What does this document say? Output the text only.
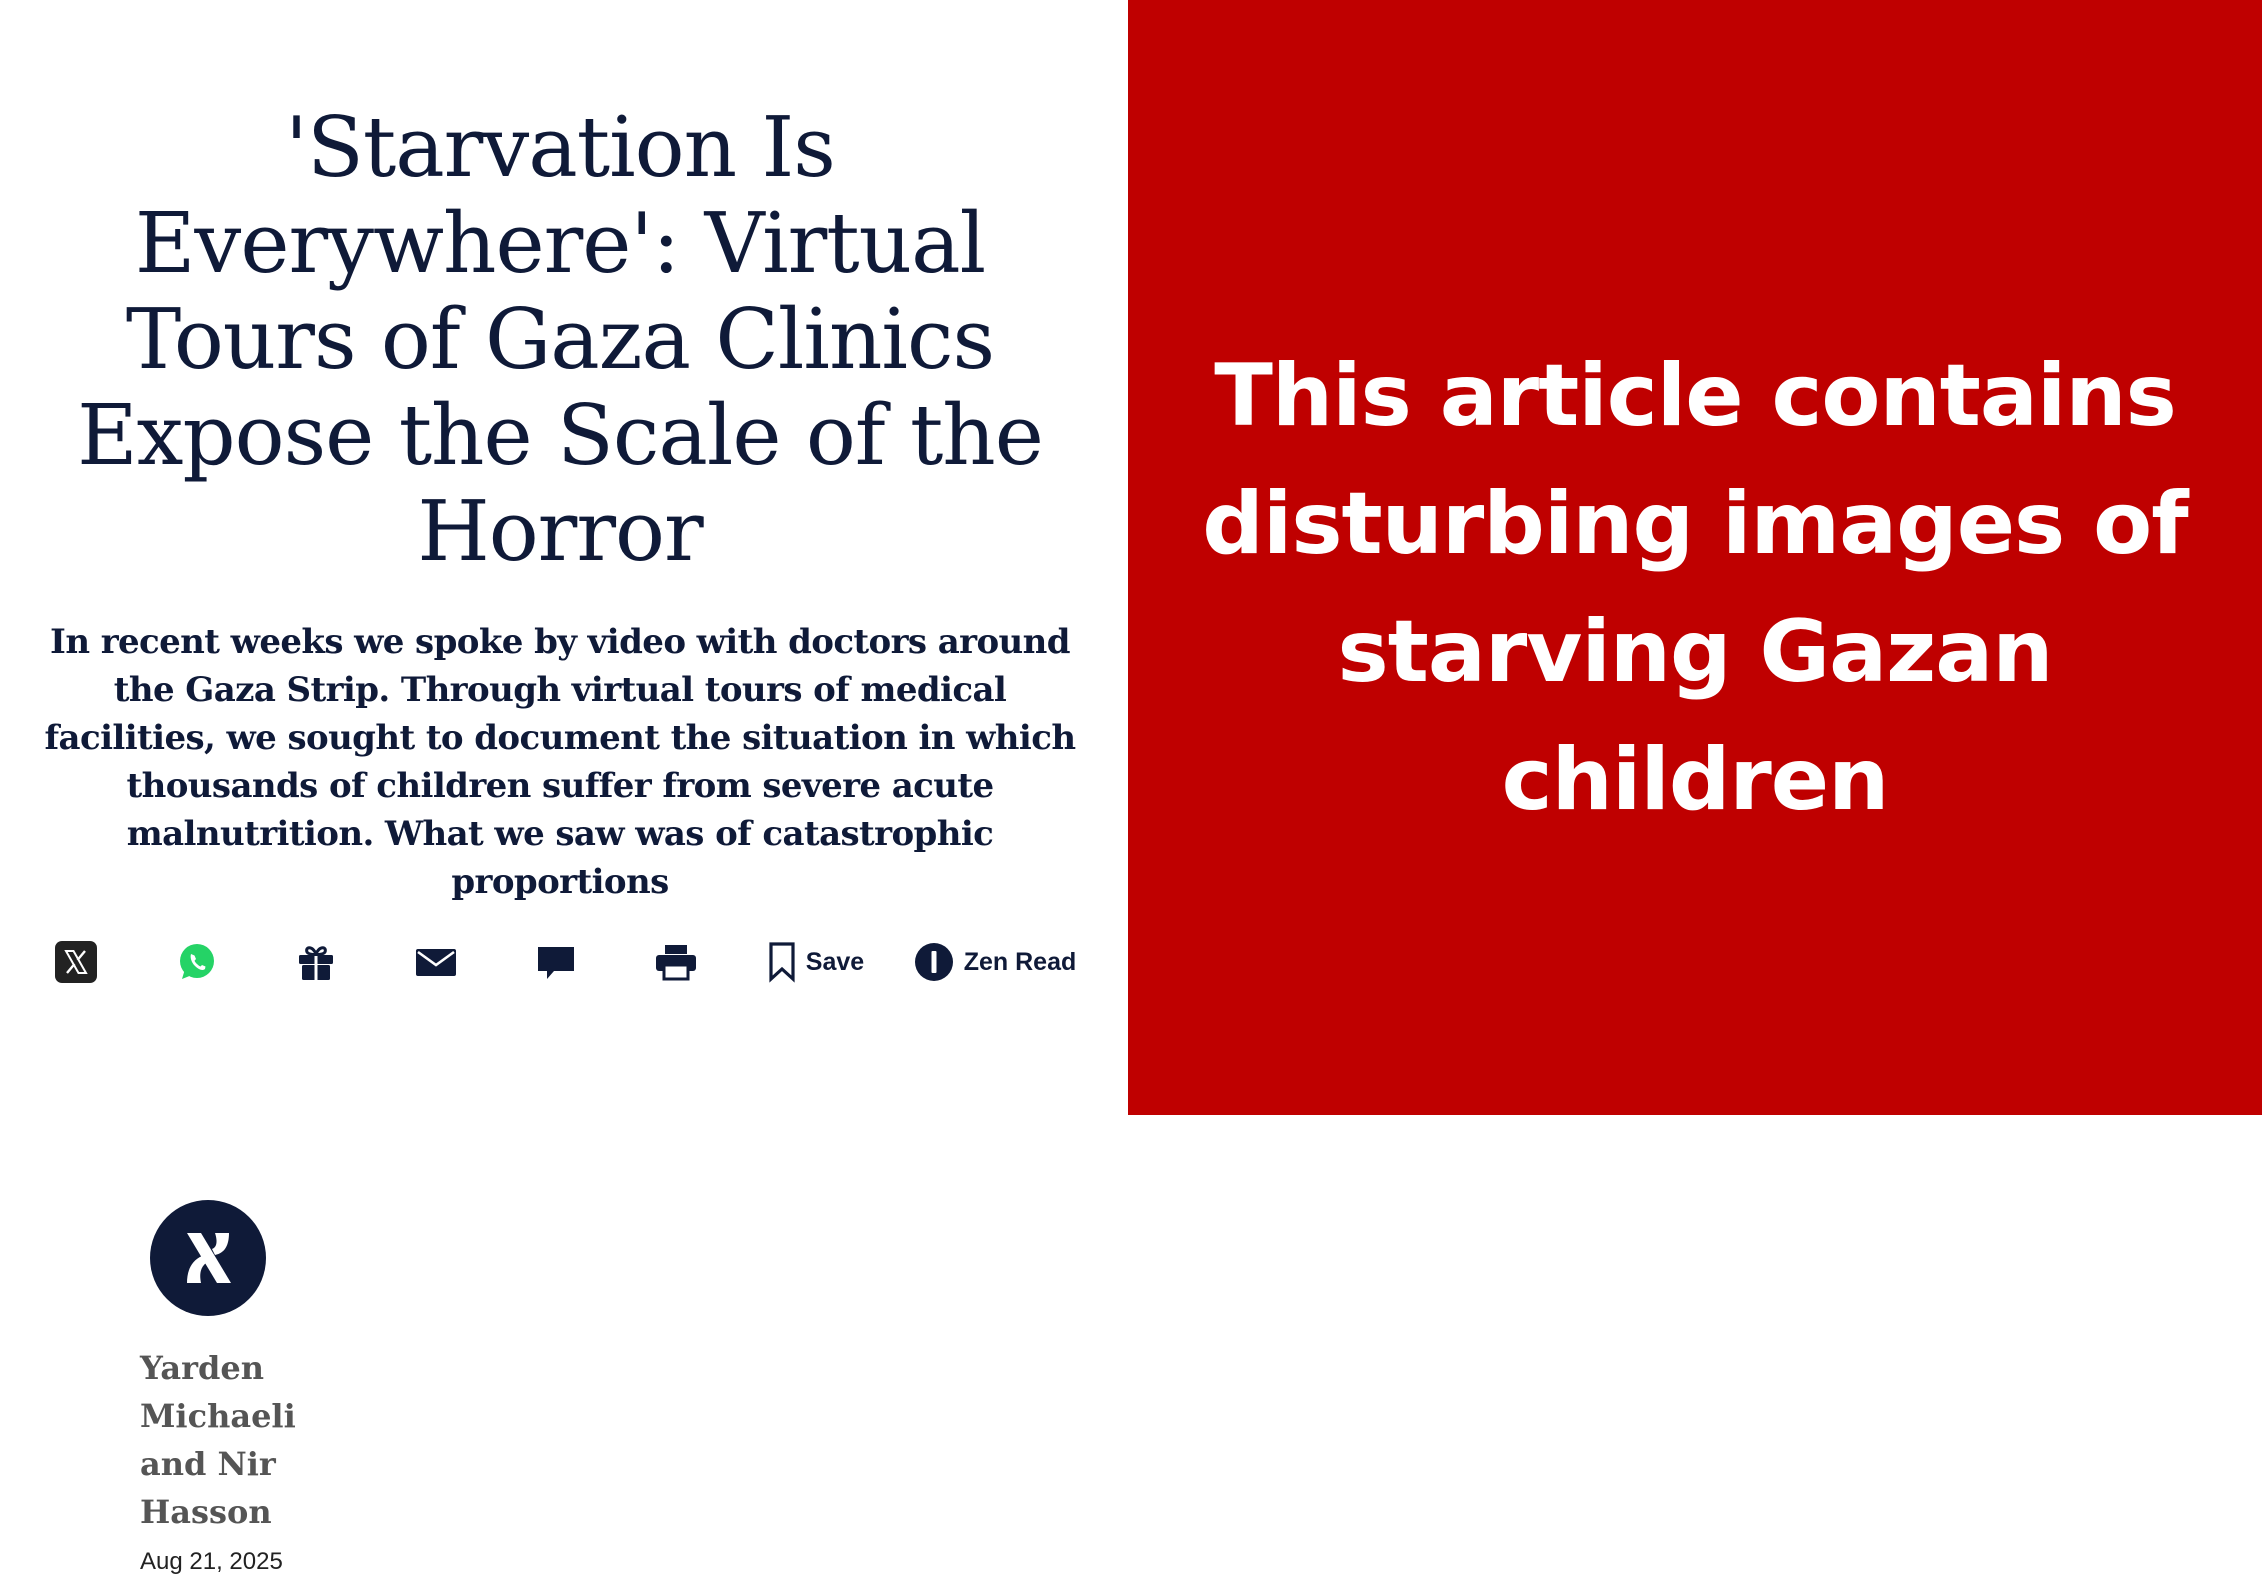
'Starvation Is Everywhere': Virtual Tours of Gaza Clinics Expose the Scale of the Horror

In recent weeks we spoke by video with doctors around the Gaza Strip. Through virtual tours of medical facilities, we sought to document the situation in which thousands of children suffer from severe acute malnutrition. What we saw was of catastrophic proportions

Save	Zen Read

This article contains disturbing images of starving Gazan children

Yarden Michaeli and Nir Hasson
Aug 21, 2025
